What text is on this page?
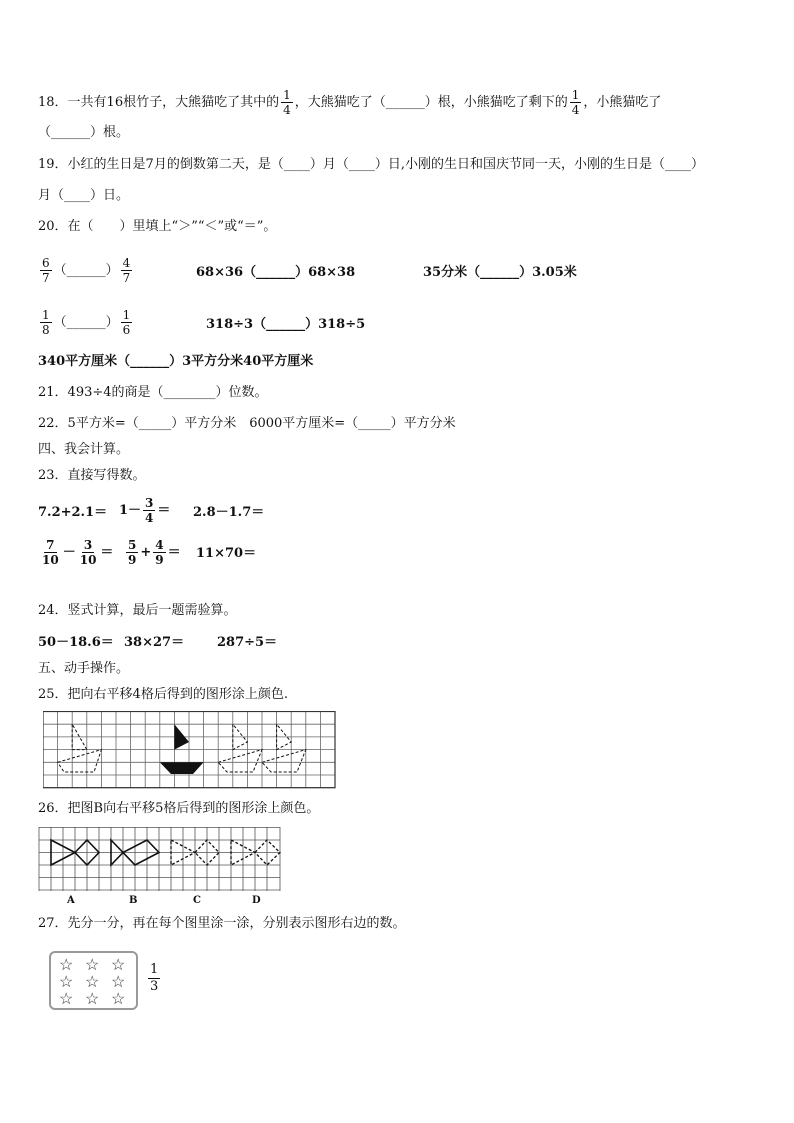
18．一共有16根竹子，大熊猫吃了其中的 $\frac{1}{4}$ ，大熊猫吃了（______）根，小熊猫吃了剩下的 $\frac{1}{4}$ ，小熊猫吃了
（______）根。
19．小红的生日是7月的倒数第二天，是（____）月（____）日,小刚的生日和国庆节同一天，小刚的生日是（____）
月（____）日。
20．在（　　）里填上“＞”“＜”或“＝”。
$\frac{6}{7}$ （______） $\frac{4}{7}$	68×36（______）68×38	35分米（______）3.05米
$\frac{1}{8}$ （______） $\frac{1}{6}$	318÷3（______）318÷5
340平方厘米（______）3平方分米40平方厘米
21．493÷4的商是（________）位数。
22．5平方米=（_____）平方分米　6000平方厘米=（_____）平方分米
四、我会计算。
23．直接写得数。
$7.2+2.1= 1- \frac{3}{4} = 2.8-1.7=$
$\frac{7}{10} - \frac{3}{10} = \frac{5}{9} + \frac{4}{9} = 11\times 70=$
24．竖式计算，最后一题需验算。
50－18.6＝ 38×27＝	287÷5＝
五、动手操作。
25．把向右平移4格后得到的图形涂上颜色.
26．把图B向右平移5格后得到的图形涂上颜色。
A	B	C	D
27．先分一分，再在每个图里涂一涂，分别表示图形右边的数。
☆ ☆ ☆
☆ ☆ ☆
☆ ☆ ☆
$\frac{1}{3}$
